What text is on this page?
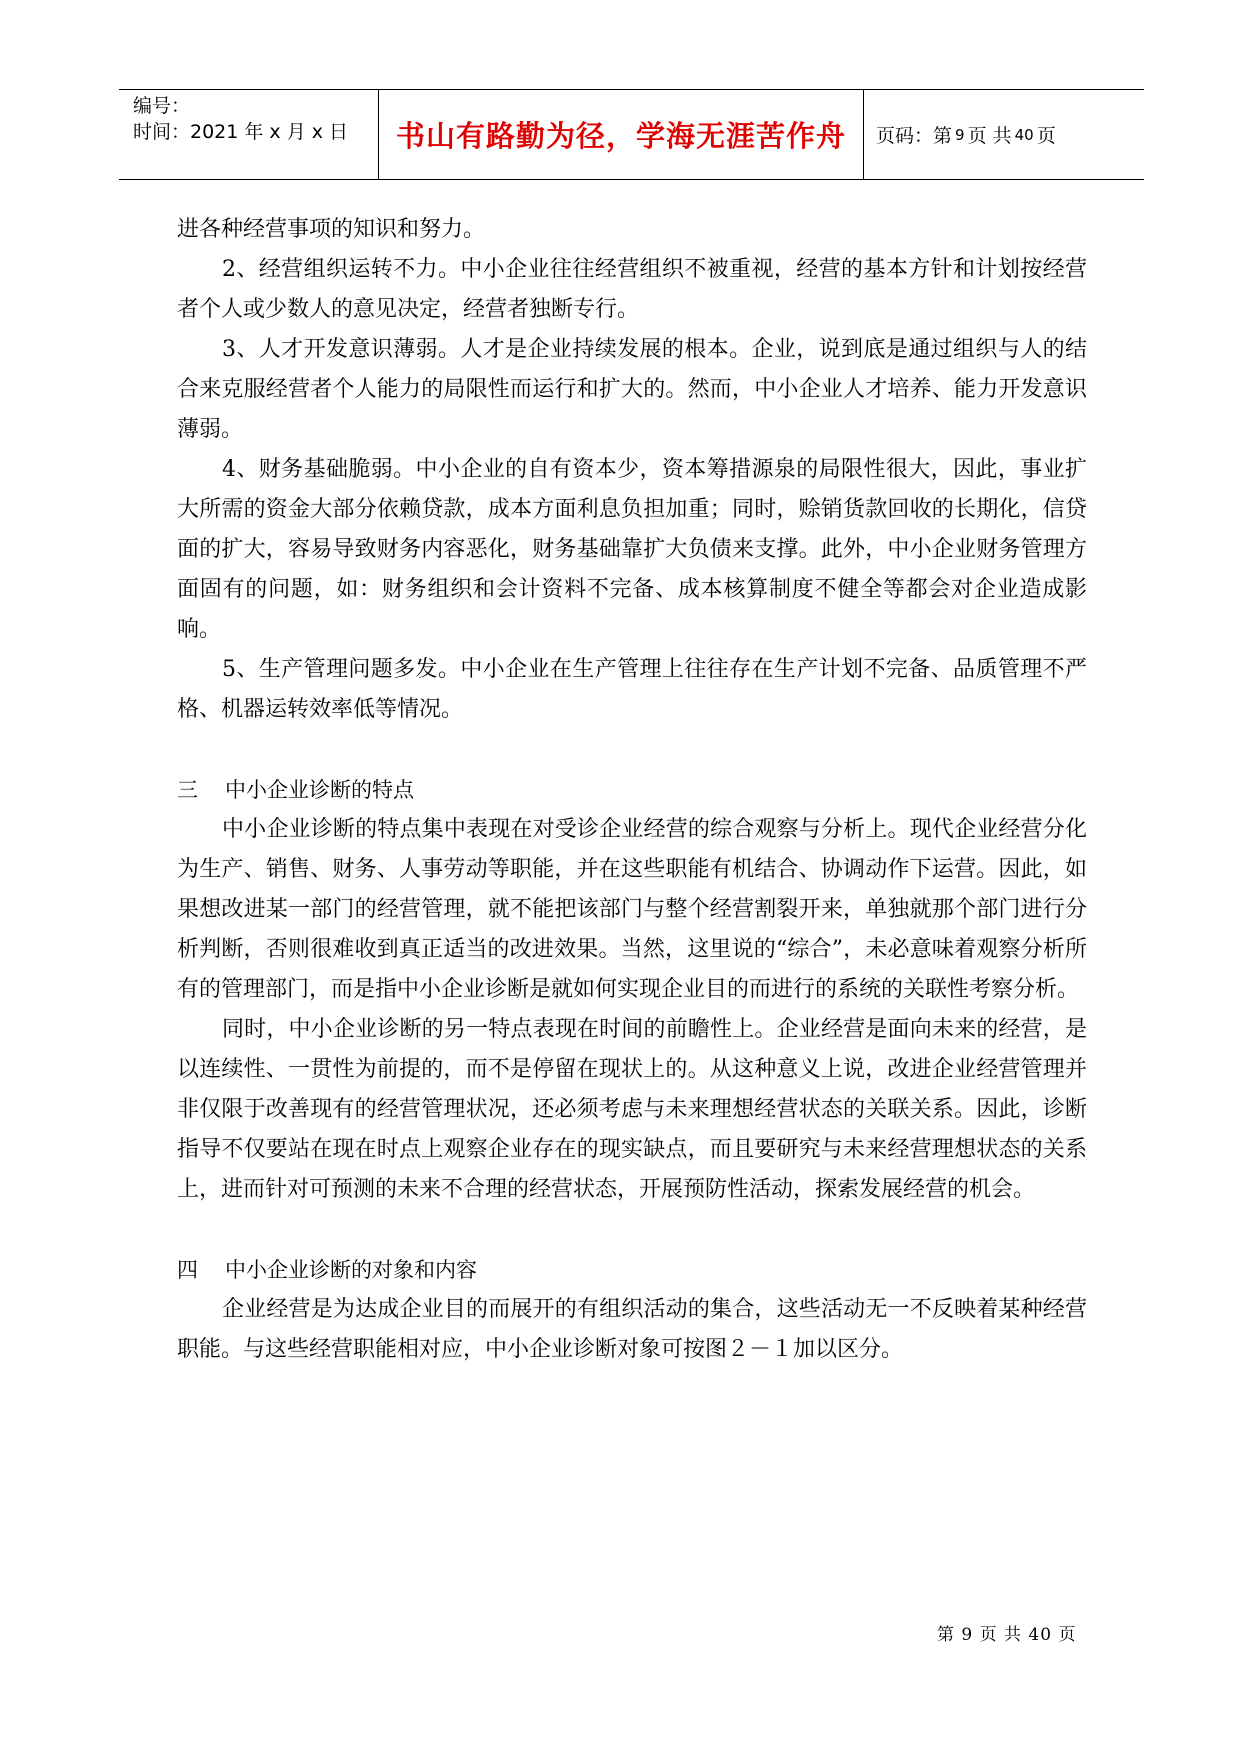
编号：
时间：2021 年 x 月 x 日	书山有路勤为径，学海无涯苦作舟	页码：第 9 页 共 40 页

进各种经营事项的知识和努力。

2、经营组织运转不力。中小企业往往经营组织不被重视，经营的基本方针和计划按经营者个人或少数人的意见决定，经营者独断专行。

3、人才开发意识薄弱。人才是企业持续发展的根本。企业，说到底是通过组织与人的结合来克服经营者个人能力的局限性而运行和扩大的。然而，中小企业人才培养、能力开发意识薄弱。

4、财务基础脆弱。中小企业的自有资本少，资本筹措源泉的局限性很大，因此，事业扩大所需的资金大部分依赖贷款，成本方面利息负担加重；同时，赊销货款回收的长期化，信贷面的扩大，容易导致财务内容恶化，财务基础靠扩大负债来支撑。此外，中小企业财务管理方面固有的问题，如：财务组织和会计资料不完备、成本核算制度不健全等都会对企业造成影响。

5、生产管理问题多发。中小企业在生产管理上往往存在生产计划不完备、品质管理不严格、机器运转效率低等情况。

三 中小企业诊断的特点

中小企业诊断的特点集中表现在对受诊企业经营的综合观察与分析上。现代企业经营分化为生产、销售、财务、人事劳动等职能，并在这些职能有机结合、协调动作下运营。因此，如果想改进某一部门的经营管理，就不能把该部门与整个经营割裂开来，单独就那个部门进行分析判断，否则很难收到真正适当的改进效果。当然，这里说的“综合”，未必意味着观察分析所有的管理部门，而是指中小企业诊断是就如何实现企业目的而进行的系统的关联性考察分析。

同时，中小企业诊断的另一特点表现在时间的前瞻性上。企业经营是面向未来的经营，是以连续性、一贯性为前提的，而不是停留在现状上的。从这种意义上说，改进企业经营管理并非仅限于改善现有的经营管理状况，还必须考虑与未来理想经营状态的关联关系。因此，诊断指导不仅要站在现在时点上观察企业存在的现实缺点，而且要研究与未来经营理想状态的关系上，进而针对可预测的未来不合理的经营状态，开展预防性活动，探索发展经营的机会。

四 中小企业诊断的对象和内容

企业经营是为达成企业目的而展开的有组织活动的集合，这些活动无一不反映着某种经营职能。与这些经营职能相对应，中小企业诊断对象可按图２－１加以区分。

第 9 页 共 40 页
